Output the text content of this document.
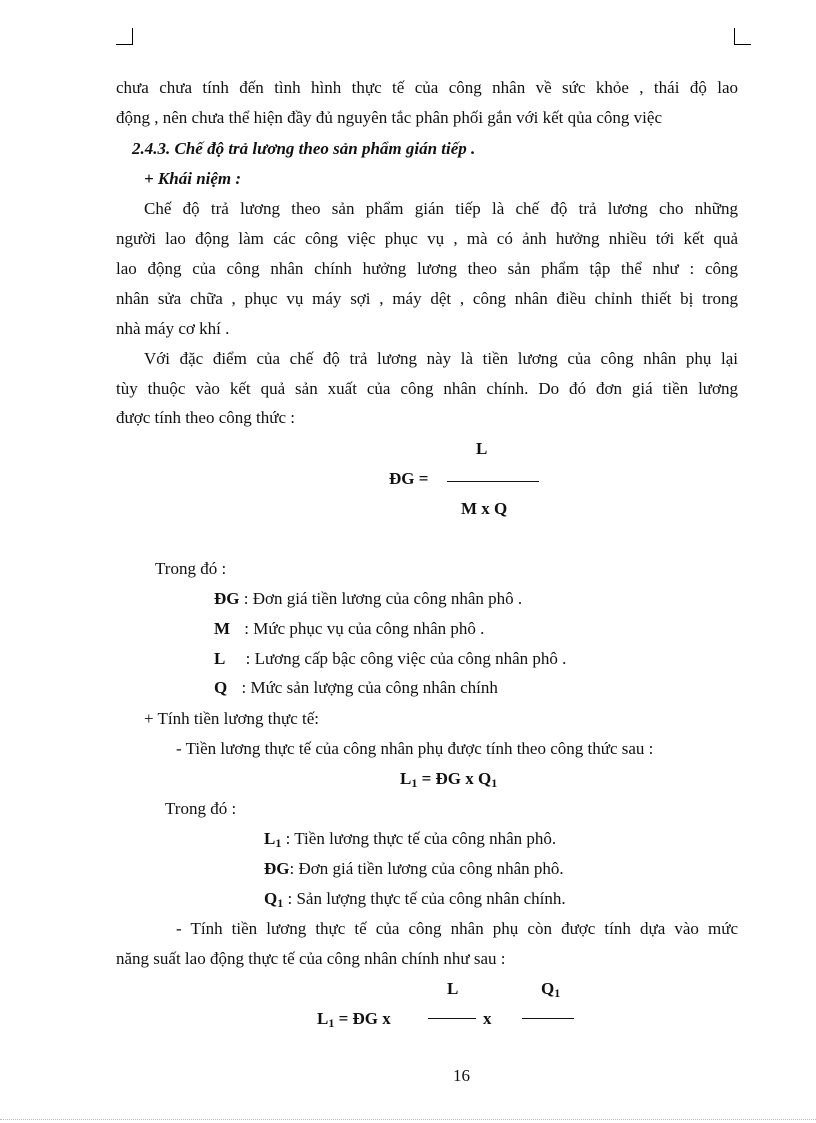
chưa chưa tính đến tình hình thực tế của công nhân về sức khỏe , thái độ lao
động , nên chưa thể hiện đầy đủ nguyên tắc phân phối gắn với kết qủa công việc
2.4.3. Chế độ trả lương theo sản phẩm gián tiếp .
+ Khái niệm :
Chế độ trả lương theo sản phẩm gián tiếp là chế độ trả lương cho những
người lao động làm các công việc phục vụ , mà có ảnh hưởng nhiều tới kết quả
lao động của công nhân chính hưởng lương theo sản phẩm tập thể như : công
nhân sửa chữa , phục vụ máy sợi , máy dệt , công nhân điều chỉnh thiết bị trong
nhà máy cơ khí .
Với đặc điểm của chế độ trả lương này là tiền lương của công nhân phụ lại
tùy thuộc vào kết quả sản xuất của công nhân chính. Do đó đơn giá tiền lương
được tính theo công thức :
L
ĐG =
M x Q
Trong đó :
ĐG : Đơn giá tiền lương của công nhân phô .
M : Mức phục vụ của công nhân phô .
L : Lương cấp bậc công việc của công nhân phô .
Q : Mức sản lượng của công nhân chính
+ Tính tiền lương thực tế:
- Tiền lương thực tế của công nhân phụ được tính theo công thức sau :
$L_1$ = ĐG x $Q_1$
Trong đó :
$L_1$ : Tiền lương thực tế của công nhân phô.
ĐG: Đơn giá tiền lương của công nhân phô.
$Q_1$ : Sản lượng thực tế của công nhân chính.
- Tính tiền lương thực tế của công nhân phụ còn được tính dựa vào mức
năng suất lao động thực tế của công nhân chính như sau :
L	$Q_1$
$L_1$ = ĐG x	x
16
